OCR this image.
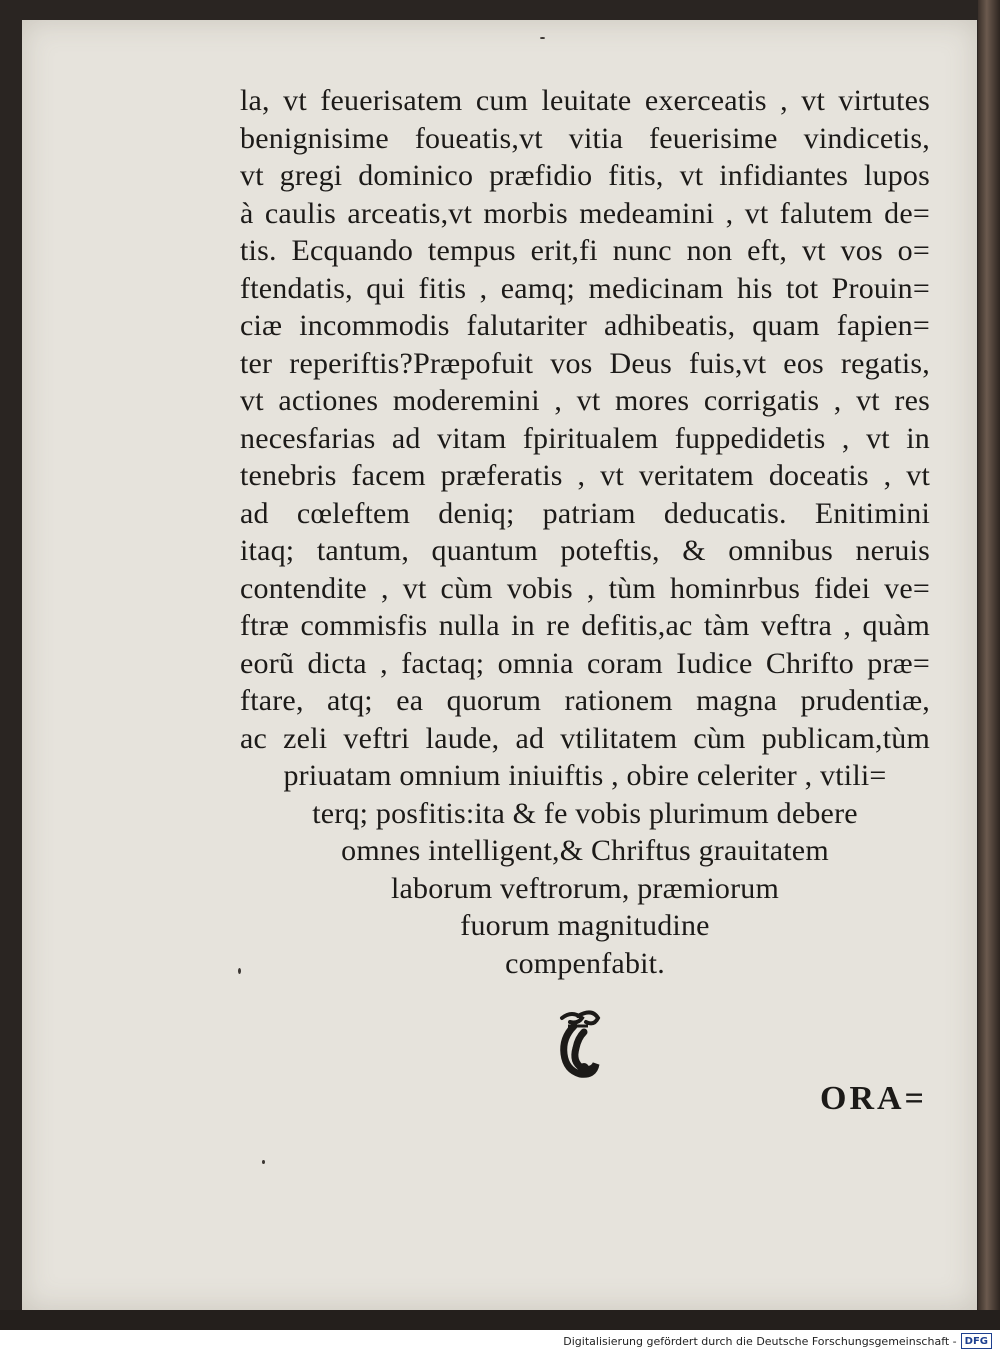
la, vt feuerisatem cum leuitate exerceatis , vt virtutes
benignisime foueatis,vt vitia feuerisime vindicetis,
vt gregi dominico præfidio fitis, vt infidiantes lupos
à caulis arceatis,vt morbis medeamini , vt falutem de=
tis. Ecquando tempus erit,fi nunc non eft, vt vos o=
ftendatis, qui fitis , eamq; medicinam his tot Prouin=
ciæ incommodis falutariter adhibeatis, quam fapien=
ter reperiftis?Præpofuit vos Deus fuis,vt eos regatis,
vt actiones moderemini , vt mores corrigatis , vt res
necesfarias ad vitam fpiritualem fuppedidetis , vt in
tenebris facem præferatis , vt veritatem doceatis , vt
ad cœleftem deniq; patriam deducatis. Enitimini
itaq; tantum, quantum poteftis, & omnibus neruis
contendite , vt cùm vobis , tùm hominrbus fidei ve=
ftræ commisfis nulla in re defitis,ac tàm veftra , quàm
eorũ dicta , factaq; omnia coram Iudice Chrifto præ=
ftare, atq; ea quorum rationem magna prudentiæ,
ac zeli veftri laude, ad vtilitatem cùm publicam,tùm
priuatam omnium iniuiftis , obire celeriter , vtili=
terq; posfitis:ita & fe vobis plurimum debere
omnes intelligent,& Chriftus grauitatem
laborum veftrorum, præmiorum
fuorum magnitudine
compenfabit.
ORA=
Digitalisierung gefördert durch die Deutsche Forschungsgemeinschaft - DFG
